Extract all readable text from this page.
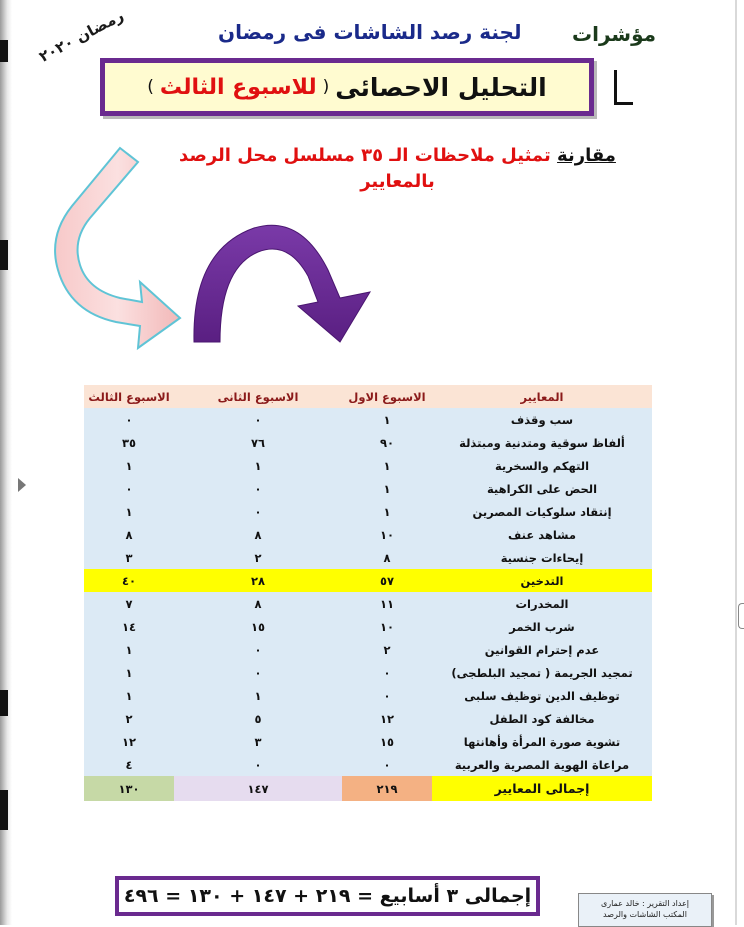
مؤشرات
لجنة رصد الشاشات فى رمضان
رمضان ٢٠٢٠
التحليل الاحصائى
(
للاسبوع الثالث
)
مقارنة تمثيل ملاحظات الـ ٣٥ مسلسل محل الرصد بالمعايير
المعايير	الاسبوع الاول	الاسبوع الثانى	الاسبوع الثالث
سب وقذف	١	٠	٠
ألفاظ سوقية ومتدنية ومبتذلة	٩٠	٧٦	٣٥
التهكم والسخرية	١	١	١
الحض على الكراهية	١	٠	٠
إنتقاد سلوكيات المصرين	١	٠	١
مشاهد عنف	١٠	٨	٨
إيحاءات جنسية	٨	٢	٣
التدخين	٥٧	٢٨	٤٠
المخدرات	١١	٨	٧
شرب الخمر	١٠	١٥	١٤
عدم إحترام القوانين	٢	٠	١
تمجيد الجريمة ( تمجيد البلطجى)	٠	٠	١
توظيف الدين توظيف سلبى	٠	١	١
مخالفة كود الطفل	١٢	٥	٢
تشوية صورة المرأة وأهانتها	١٥	٣	١٢
مراعاة الهوية المصرية والعربية	٠	٠	٤
إجمالى المعايير	٢١٩	١٤٧	١٣٠
إجمالى ٣ أسابيع = ٢١٩ + ١٤٧ + ١٣٠ = ٤٩٦	إعداد التقرير : خالد عمارى
المكتب الشاشات والرصد
